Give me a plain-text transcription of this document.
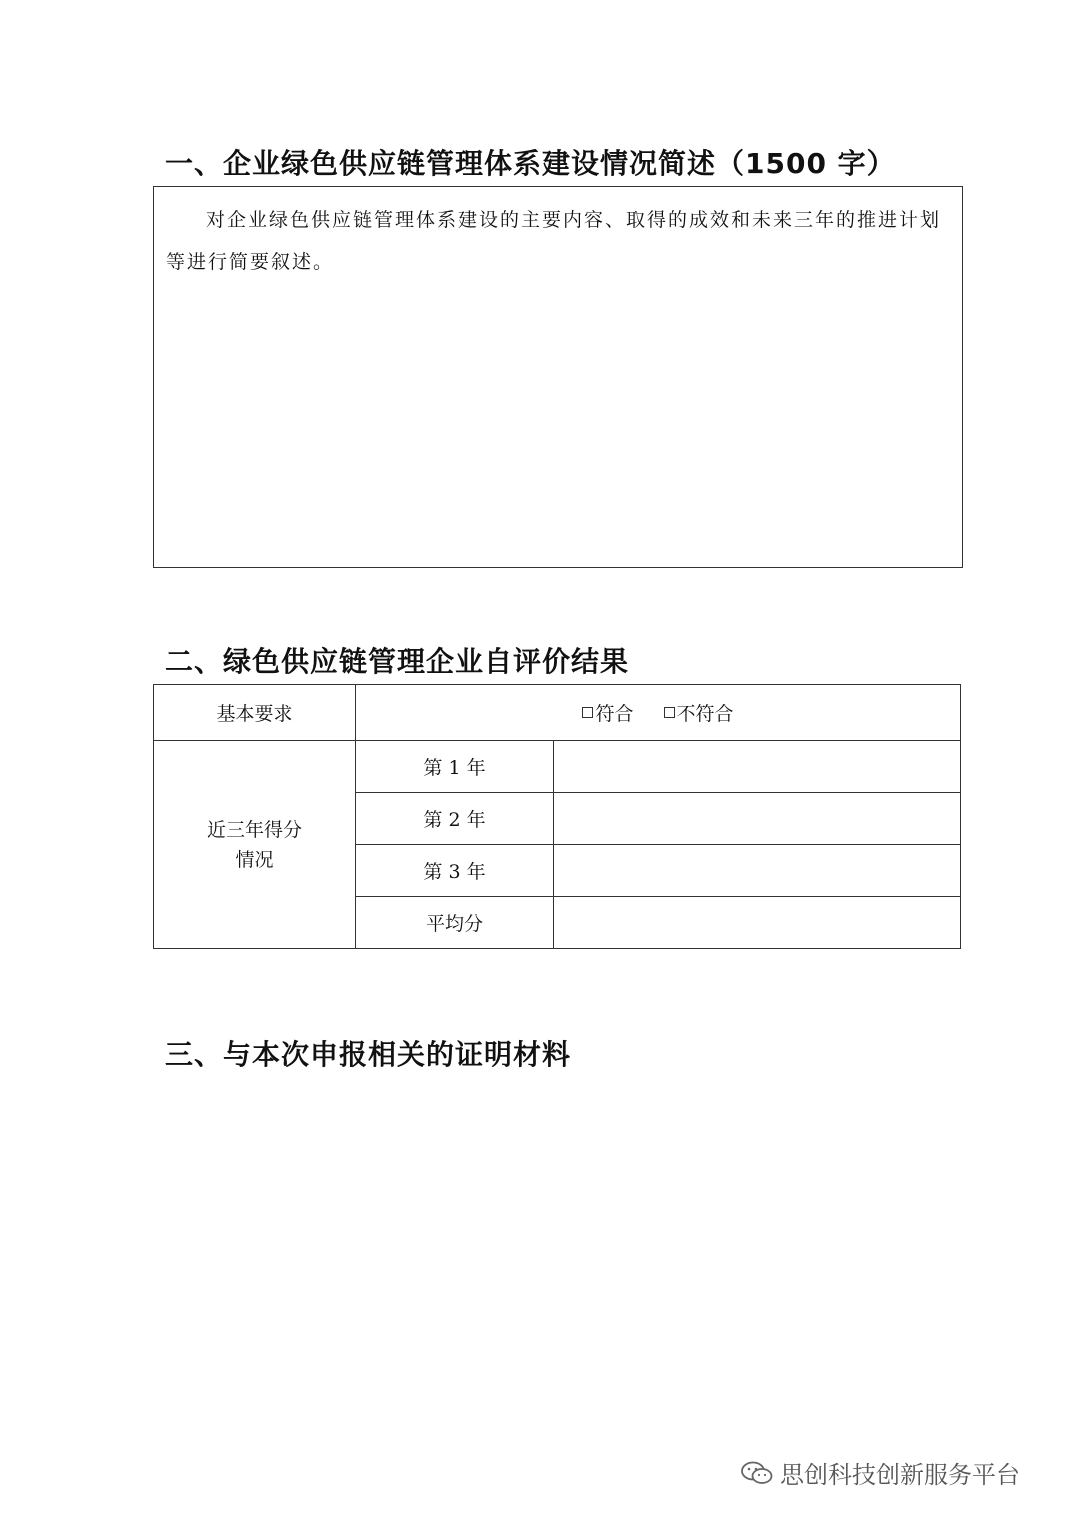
一、企业绿色供应链管理体系建设情况简述（1500 字）

对企业绿色供应链管理体系建设的主要内容、取得的成效和未来三年的推进计划等进行简要叙述。

二、绿色供应链管理企业自评价结果
基本要求	符合 不符合	
近三年得分
情况	第 1 年	
	第 2 年	
	第 3 年	
	平均分	
三、与本次申报相关的证明材料
思创科技创新服务平台
